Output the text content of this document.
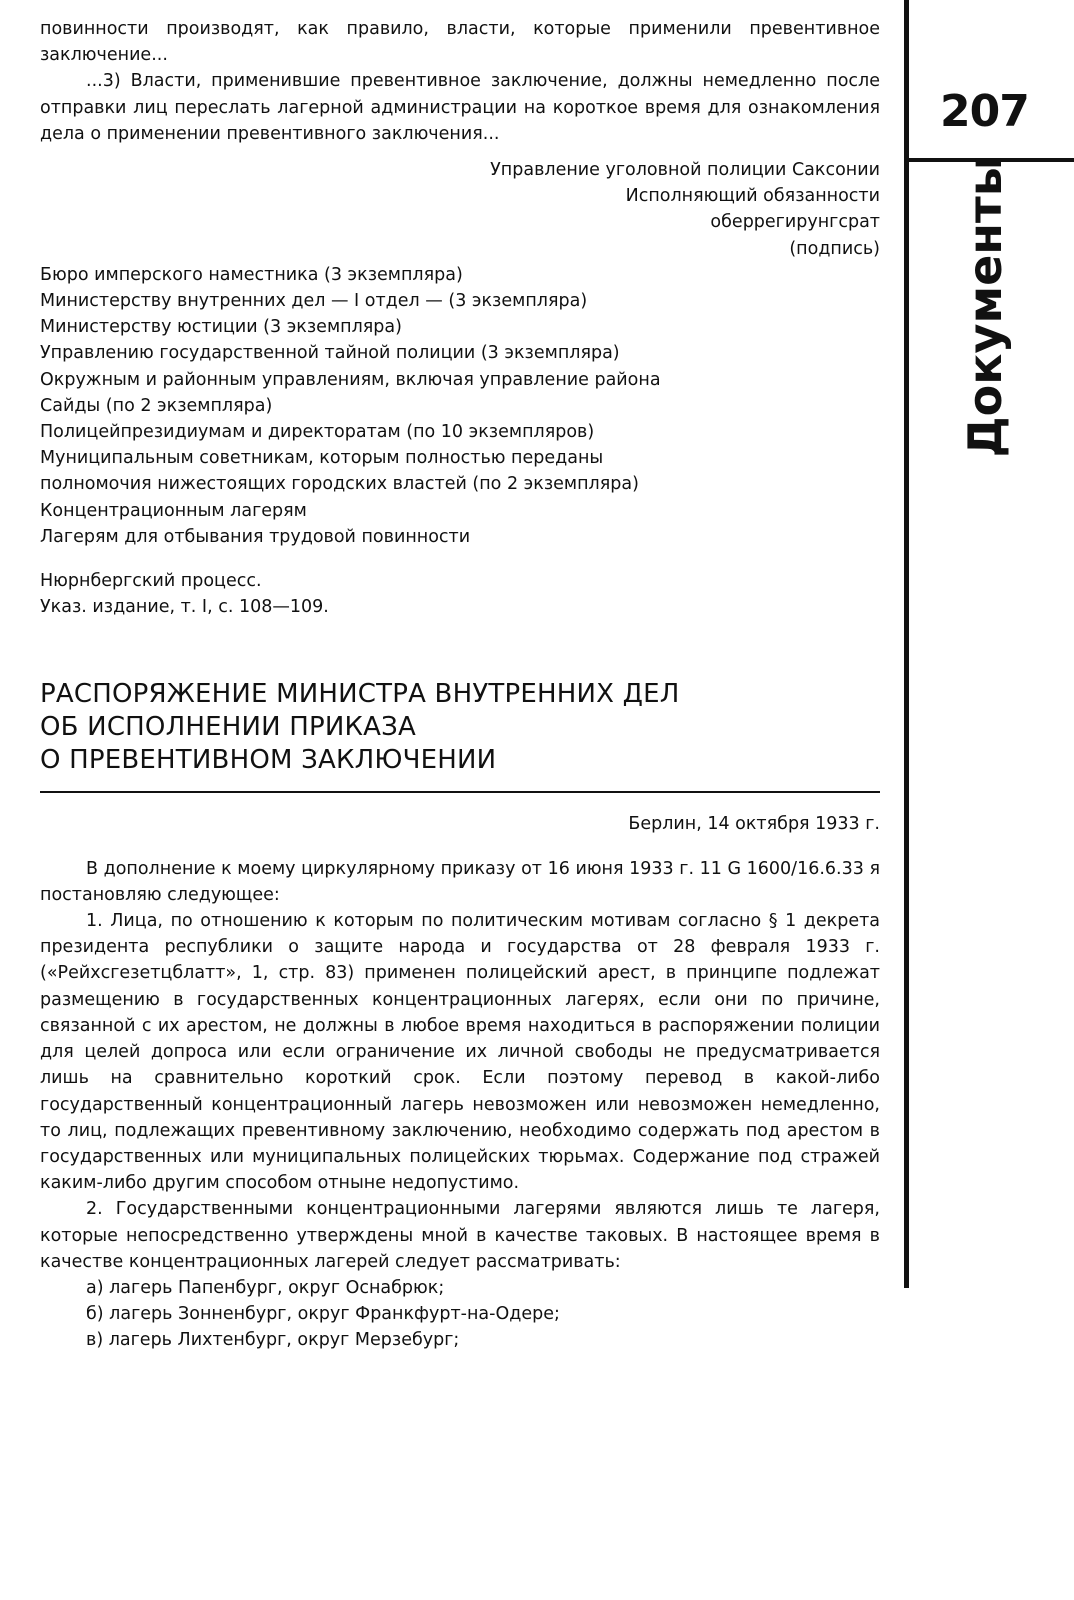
207
Документы

повинности производят, как правило, власти, которые применили превентивное заключение...

...3) Власти, применившие превентивное заключение, должны немедленно после отправки лиц переслать лагерной администрации на короткое время для ознакомления дела о применении превентивного заключения...

Управление уголовной полиции Саксонии

Исполняющий обязанности

оберрегирунгсрат

(подпись)

Бюро имперского наместника (3 экземпляра)

Министерству внутренних дел — I отдел — (3 экземпляра)

Министерству юстиции (3 экземпляра)

Управлению государственной тайной полиции (3 экземпляра)

Окружным и районным управлениям, включая управление района

Сайды (по 2 экземпляра)

Полицейпрезидиумам и директоратам (по 10 экземпляров)

Муниципальным советникам, которым полностью переданы

полномочия нижестоящих городских властей (по 2 экземпляра)

Концентрационным лагерям

Лагерям для отбывания трудовой повинности

Нюрнбергский процесс.

Указ. издание, т. I, с. 108—109.

РАСПОРЯЖЕНИЕ МИНИСТРА ВНУТРЕННИХ ДЕЛ
ОБ ИСПОЛНЕНИИ ПРИКАЗА
О ПРЕВЕНТИВНОМ ЗАКЛЮЧЕНИИ

Берлин, 14 октября 1933 г.

В дополнение к моему циркулярному приказу от 16 июня 1933 г. 11 G 1600/16.6.33 я постановляю следующее:

1. Лица, по отношению к которым по политическим мотивам согласно § 1 декрета президента республики о защите народа и государства от 28 февраля 1933 г. («Рейхсгезетцблатт», 1, стр. 83) применен полицейский арест, в принципе подлежат размещению в государственных концентрационных лагерях, если они по причине, связанной с их арестом, не должны в любое время находиться в распоряжении полиции для целей допроса или если ограничение их личной свободы не предусматривается лишь на сравнительно короткий срок. Если поэтому перевод в какой-либо государственный концентрационный лагерь невозможен или невозможен немедленно, то лиц, подлежащих превентивному заключению, необходимо содержать под арестом в государственных или муниципальных полицейских тюрьмах. Содержание под стражей каким-либо другим способом отныне недопустимо.

2. Государственными концентрационными лагерями являются лишь те лагеря, которые непосредственно утверждены мной в качестве таковых. В настоящее время в качестве концентрационных лагерей следует рассматривать:

а) лагерь Папенбург, округ Оснабрюк;

б) лагерь Зонненбург, округ Франкфурт-на-Одере;

в) лагерь Лихтенбург, округ Мерзебург;
